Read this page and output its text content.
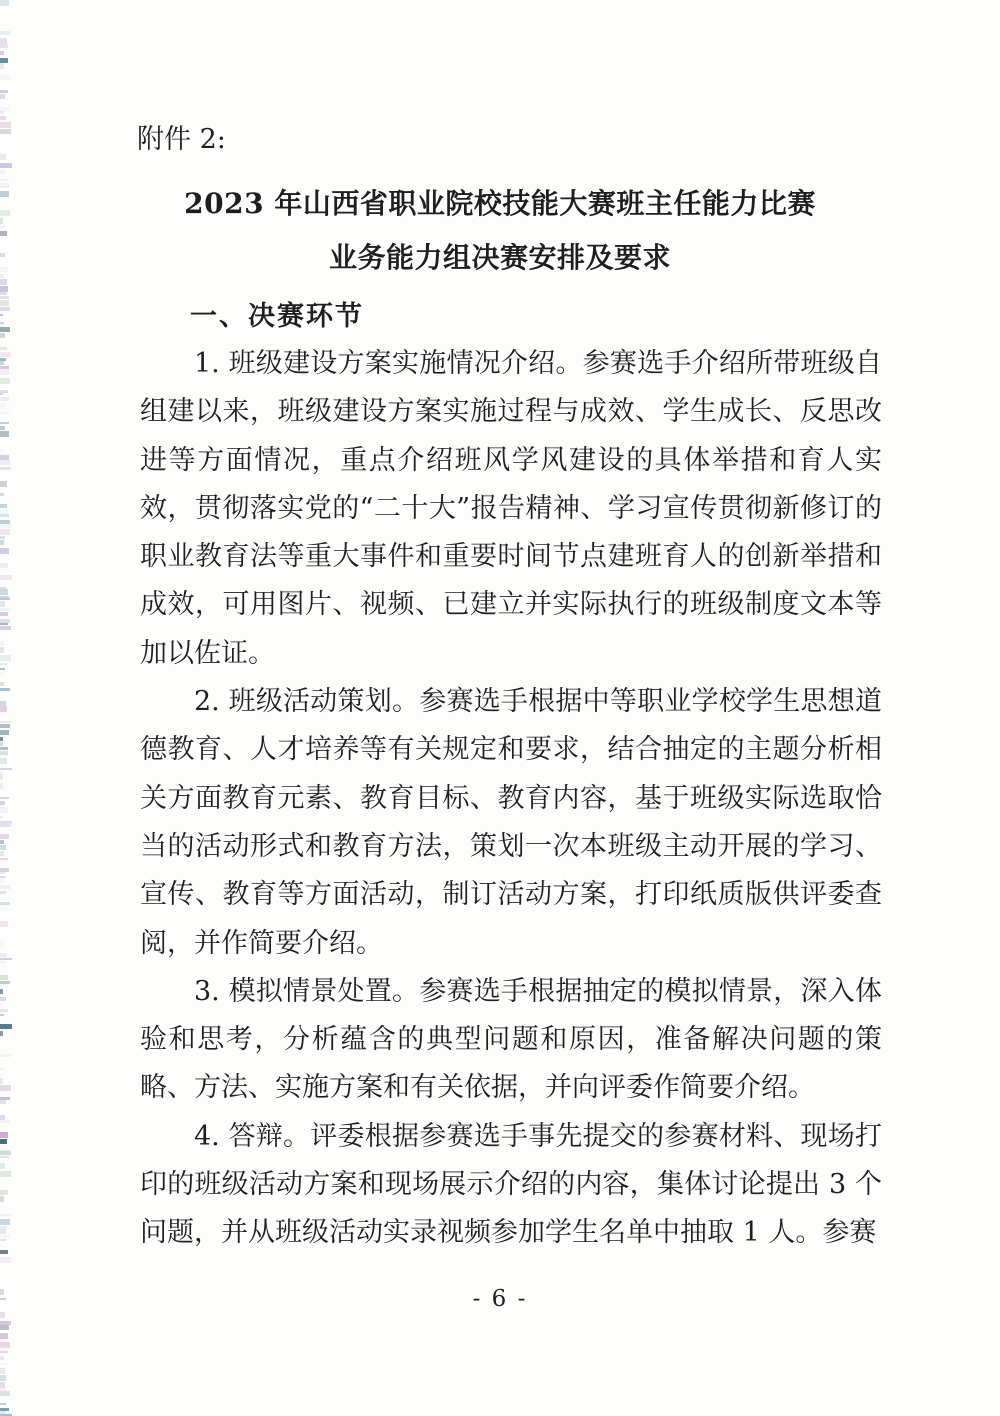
附件 2:
2023 年山西省职业院校技能大赛班主任能力比赛
业务能力组决赛安排及要求
一、决赛环节

1. 班级建设方案实施情况介绍。参赛选手介绍所带班级自组建以来，班级建设方案实施过程与成效、学生成长、反思改进等方面情况，重点介绍班风学风建设的具体举措和育人实效，贯彻落实党的“二十大”报告精神、学习宣传贯彻新修订的职业教育法等重大事件和重要时间节点建班育人的创新举措和成效，可用图片、视频、已建立并实际执行的班级制度文本等加以佐证。

2. 班级活动策划。参赛选手根据中等职业学校学生思想道德教育、人才培养等有关规定和要求，结合抽定的主题分析相关方面教育元素、教育目标、教育内容，基于班级实际选取恰当的活动形式和教育方法，策划一次本班级主动开展的学习、宣传、教育等方面活动，制订活动方案，打印纸质版供评委查阅，并作简要介绍。

3. 模拟情景处置。参赛选手根据抽定的模拟情景，深入体验和思考，分析蕴含的典型问题和原因，准备解决问题的策略、方法、实施方案和有关依据，并向评委作简要介绍。

4. 答辩。评委根据参赛选手事先提交的参赛材料、现场打印的班级活动方案和现场展示介绍的内容，集体讨论提出 3 个问题，并从班级活动实录视频参加学生名单中抽取 1 人。参赛

- 6 -
